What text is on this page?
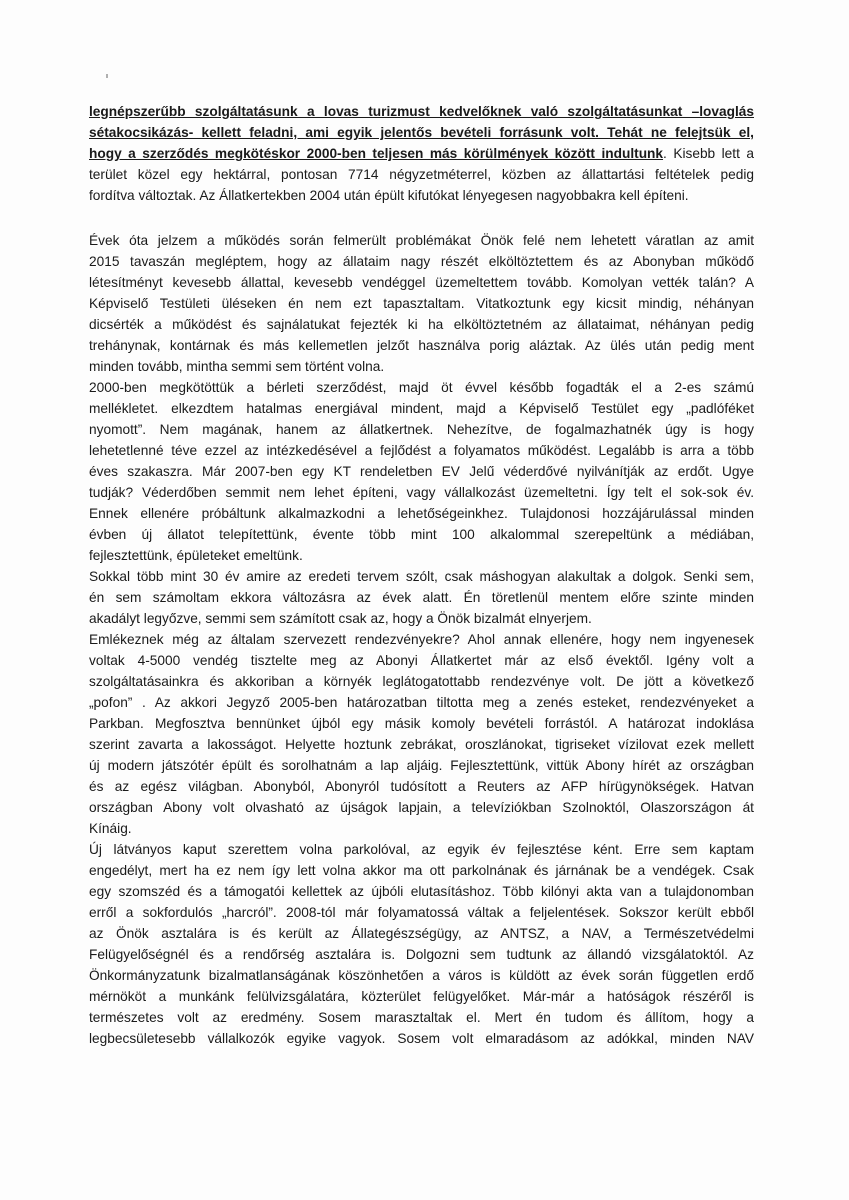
legnépszerűbb szolgáltatásunk a lovas turizmust kedvelőknek való szolgáltatásunkat –lovaglás
sétakocsikázás- kellett feladni, ami egyik jelentős bevételi forrásunk volt. Tehát ne felejtsük el,
hogy a szerződés megkötéskor 2000-ben teljesen más körülmények között indultunk. Kisebb lett a
terület közel egy hektárral, pontosan 7714 négyzetméterrel, közben az állattartási feltételek pedig
fordítva változtak. Az Állatkertekben 2004 után épült kifutókat lényegesen nagyobbakra kell építeni.
Évek óta jelzem a működés során felmerült problémákat Önök felé nem lehetett váratlan az amit
2015 tavaszán megléptem, hogy az állataim nagy részét elköltöztettem és az Abonyban működő
létesítményt kevesebb állattal, kevesebb vendéggel üzemeltettem tovább. Komolyan vették talán? A
Képviselő Testületi üléseken én nem ezt tapasztaltam. Vitatkoztunk egy kicsit mindig, néhányan
dicsérték a működést és sajnálatukat fejezték ki ha elköltöztetném az állataimat, néhányan pedig
trehánynak, kontárnak és más kellemetlen jelzőt használva porig aláztak. Az ülés után pedig ment
minden tovább, mintha semmi sem történt volna.
2000-ben megkötöttük a bérleti szerződést, majd öt évvel később fogadták el a 2-es számú
mellékletet. elkezdtem hatalmas energiával mindent, majd a Képviselő Testület egy „padlóféket
nyomott”. Nem magának, hanem az állatkertnek. Nehezítve, de fogalmazhatnék úgy is hogy
lehetetlenné téve ezzel az intézkedésével a fejlődést a folyamatos működést. Legalább is arra a több
éves szakaszra. Már 2007-ben egy KT rendeletben EV Jelű véderdővé nyilvánítják az erdőt. Ugye
tudják? Véderdőben semmit nem lehet építeni, vagy vállalkozást üzemeltetni. Így telt el sok-sok év.
Ennek ellenére próbáltunk alkalmazkodni a lehetőségeinkhez. Tulajdonosi hozzájárulással minden
évben új állatot telepítettünk, évente több mint 100 alkalommal szerepeltünk a médiában,
fejlesztettünk, épületeket emeltünk.
Sokkal több mint 30 év amire az eredeti tervem szólt, csak máshogyan alakultak a dolgok. Senki sem,
én sem számoltam ekkora változásra az évek alatt. Én töretlenül mentem előre szinte minden
akadályt legyőzve, semmi sem számított csak az, hogy a Önök bizalmát elnyerjem.
Emlékeznek még az általam szervezett rendezvényekre? Ahol annak ellenére, hogy nem ingyenesek
voltak 4-5000 vendég tisztelte meg az Abonyi Állatkertet már az első évektől. Igény volt a
szolgáltatásainkra és akkoriban a környék leglátogatottabb rendezvénye volt. De jött a következő
„pofon” . Az akkori Jegyző 2005-ben határozatban tiltotta meg a zenés esteket, rendezvényeket a
Parkban. Megfosztva bennünket újból egy másik komoly bevételi forrástól. A határozat indoklása
szerint zavarta a lakosságot. Helyette hoztunk zebrákat, oroszlánokat, tigriseket vízilovat ezek mellett
új modern játszótér épült és sorolhatnám a lap aljáig. Fejlesztettünk, vittük Abony hírét az országban
és az egész világban. Abonyból, Abonyról tudósított a Reuters az AFP hírügynökségek. Hatvan
országban Abony volt olvasható az újságok lapjain, a televíziókban Szolnoktól, Olaszországon át
Kínáig.
Új látványos kaput szerettem volna parkolóval, az egyik év fejlesztése ként. Erre sem kaptam
engedélyt, mert ha ez nem így lett volna akkor ma ott parkolnának és járnának be a vendégek. Csak
egy szomszéd és a támogatói kellettek az újbóli elutasításhoz. Több kilónyi akta van a tulajdonomban
erről a sokfordulós „harcról”. 2008-tól már folyamatossá váltak a feljelentések. Sokszor került ebből
az Önök asztalára is és került az Állategészségügy, az ANTSZ, a NAV, a Természetvédelmi
Felügyelőségnél és a rendőrség asztalára is. Dolgozni sem tudtunk az állandó vizsgálatoktól. Az
Önkormányzatunk bizalmatlanságának köszönhetően a város is küldött az évek során független erdő
mérnököt a munkánk felülvizsgálatára, közterület felügyelőket. Már-már a hatóságok részéről is
természetes volt az eredmény. Sosem marasztaltak el. Mert én tudom és állítom, hogy a
legbecsületesebb vállalkozók egyike vagyok. Sosem volt elmaradásom az adókkal, minden NAV
